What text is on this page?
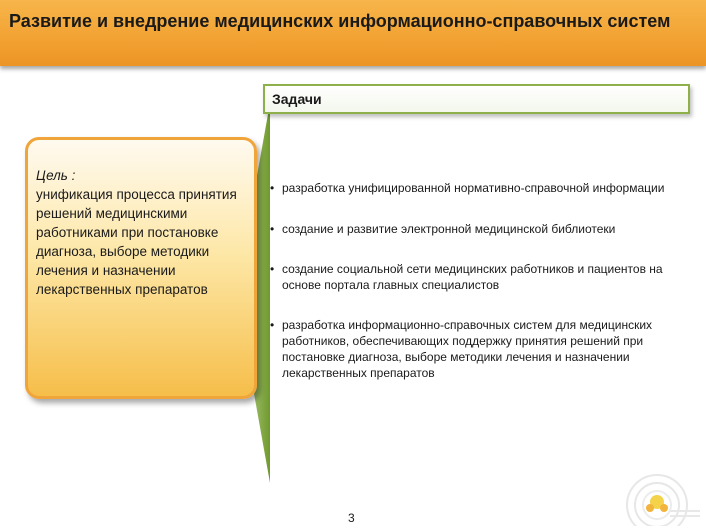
Развитие и внедрение медицинских информационно-справочных систем
Задачи
Цель :
унификация процесса принятия решений медицинскими работниками при постановке диагноза, выборе методики лечения и назначении лекарственных препаратов
• разработка унифицированной нормативно-справочной информации
• создание и развитие электронной медицинской библиотеки
• создание социальной сети медицинских работников и пациентов на основе портала главных специалистов
• разработка информационно-справочных систем для медицинских работников, обеспечивающих поддержку принятия решений при постановке диагноза, выборе методики лечения и назначении лекарственных препаратов
3
